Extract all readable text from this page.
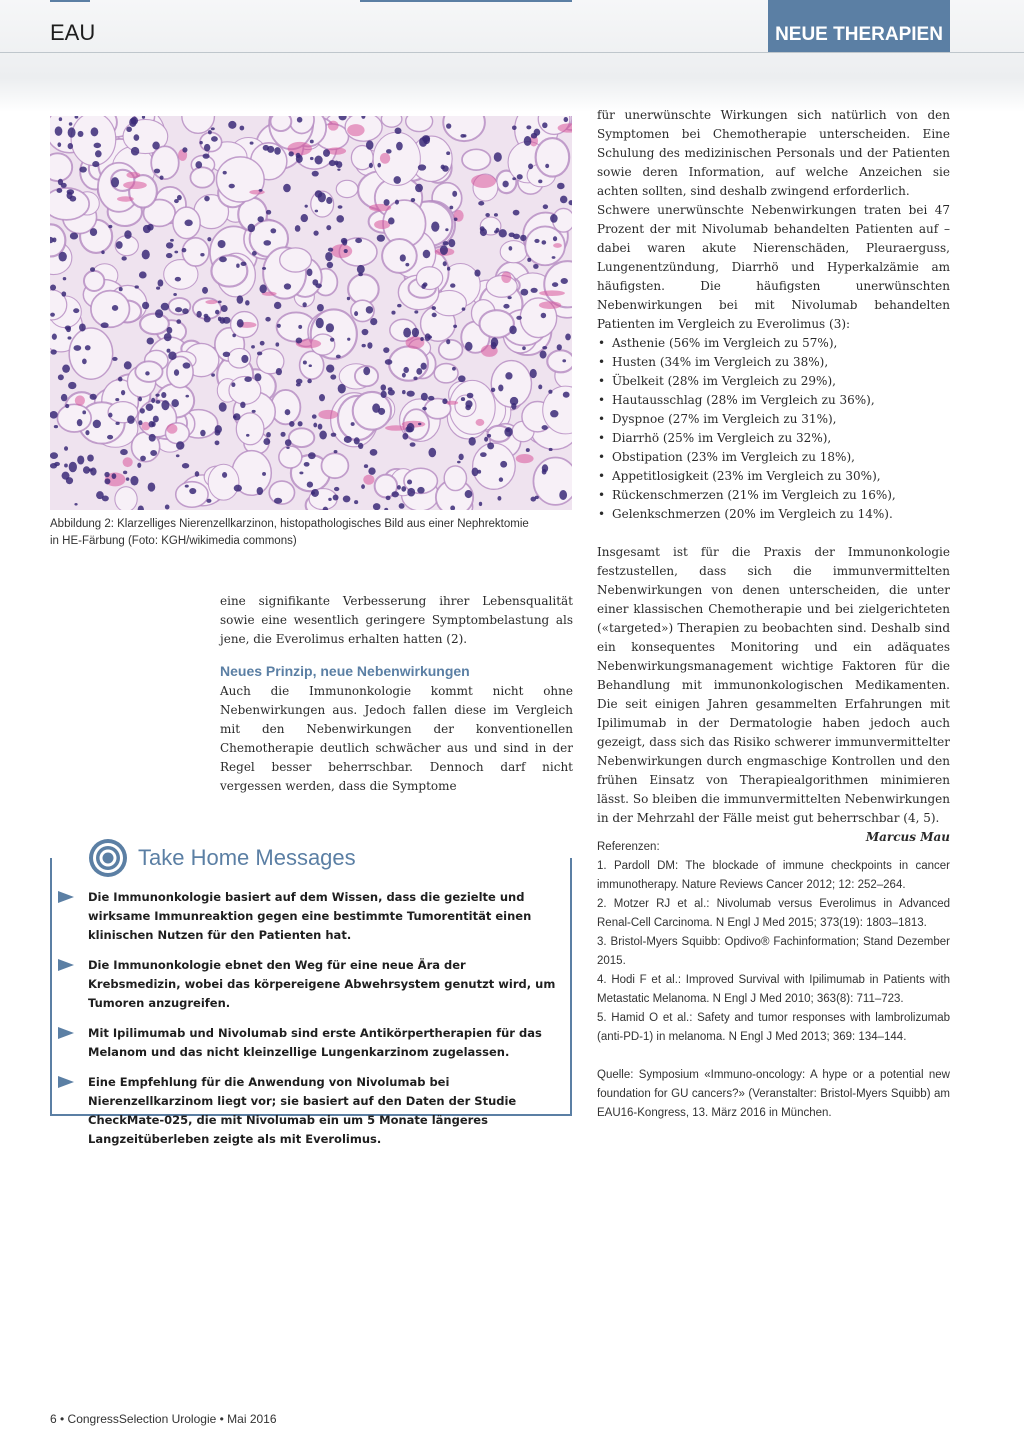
EAU	NEUE THERAPIEN
Abbildung 2: Klarzelliges Nierenzellkarzinon, histopathologisches Bild aus einer Nephrektomie
in HE-Färbung (Foto: KGH/wikimedia commons)

eine signifikante Verbesserung ihrer Lebensqualität sowie eine wesentlich geringere Symptombelastung als jene, die Everolimus erhalten hatten (2).

Neues Prinzip, neue Nebenwirkungen

Auch die Immunonkologie kommt nicht ohne Nebenwirkungen aus. Jedoch fallen diese im Vergleich mit den Nebenwirkungen der konventionellen Chemotherapie deutlich schwächer aus und sind in der Regel besser beherrschbar. Dennoch darf nicht vergessen werden, dass die Symptome

für unerwünschte Wirkungen sich natürlich von den Symptomen bei Chemotherapie unterscheiden. Eine Schulung des medizinischen Personals und der Patienten sowie deren Information, auf welche Anzeichen sie achten sollten, sind deshalb zwingend erforderlich.

Schwere unerwünschte Nebenwirkungen traten bei 47 Prozent der mit Nivolumab behandelten Patienten auf – dabei waren akute Nierenschäden, Pleuraerguss, Lungenentzündung, Diarrhö und Hyperkalzämie am häufigsten. Die häufigsten unerwünschten Nebenwirkungen bei mit Nivolumab behandelten Patienten im Vergleich zu Everolimus (3):

• Asthenie (56% im Vergleich zu 57%),
• Husten (34% im Vergleich zu 38%),
• Übelkeit (28% im Vergleich zu 29%),
• Hautausschlag (28% im Vergleich zu 36%),
• Dyspnoe (27% im Vergleich zu 31%),
• Diarrhö (25% im Vergleich zu 32%),
• Obstipation (23% im Vergleich zu 18%),
• Appetitlosigkeit (23% im Vergleich zu 30%),
• Rückenschmerzen (21% im Vergleich zu 16%),
• Gelenkschmerzen (20% im Vergleich zu 14%).

Insgesamt ist für die Praxis der Immunonkologie festzustellen, dass sich die immunvermittelten Nebenwirkungen von denen unterscheiden, die unter einer klassischen Chemotherapie und bei zielgerichteten («targeted») Therapien zu beobachten sind. Deshalb sind ein konsequentes Monitoring und ein adäquates Nebenwirkungsmanagement wichtige Faktoren für die Behandlung mit immunonkologischen Medikamenten. Die seit einigen Jahren gesammelten Erfahrungen mit Ipilimumab in der Dermatologie haben jedoch auch gezeigt, dass sich das Risiko schwerer immunvermittelter Nebenwirkungen durch engmaschige Kontrollen und den frühen Einsatz von Therapiealgorithmen minimieren lässt. So bleiben die immunvermittelten Nebenwirkungen in der Mehrzahl der Fälle meist gut beherrschbar (4, 5).

Marcus Mau
Take Home Messages
Die Immunonkologie basiert auf dem Wissen, dass die gezielte und wirksame Immunreaktion gegen eine bestimmte Tumorentität einen klinischen Nutzen für den Patienten hat.
Die Immunonkologie ebnet den Weg für eine neue Ära der Krebsmedizin, wobei das körpereigene Abwehrsystem genutzt wird, um Tumoren anzugreifen.
Mit Ipilimumab und Nivolumab sind erste Antikörpertherapien für das Melanom und das nicht kleinzellige Lungenkarzinom zugelassen.
Eine Empfehlung für die Anwendung von Nivolumab bei Nierenzellkarzinom liegt vor; sie basiert auf den Daten der Studie CheckMate-025, die mit Nivolumab ein um 5 Monate längeres Langzeitüberleben zeigte als mit Everolimus.

Referenzen:

1. Pardoll DM: The blockade of immune checkpoints in cancer immunotherapy. Nature Reviews Cancer 2012; 12: 252–264.

2. Motzer RJ et al.: Nivolumab versus Everolimus in Advanced Renal-Cell Carcinoma. N Engl J Med 2015; 373(19): 1803–1813.

3. Bristol-Myers Squibb: Opdivo® Fachinformation; Stand Dezember 2015.

4. Hodi F et al.: Improved Survival with Ipilimumab in Patients with Metastatic Melanoma. N Engl J Med 2010; 363(8): 711–723.

5. Hamid O et al.: Safety and tumor responses with lambrolizumab (anti-PD-1) in melanoma. N Engl J Med 2013; 369: 134–144.

Quelle: Symposium «Immuno-oncology: A hype or a potential new foundation for GU cancers?» (Veranstalter: Bristol-Myers Squibb) am EAU16-Kongress, 13. März 2016 in München.

6 • CongressSelection Urologie • Mai 2016
